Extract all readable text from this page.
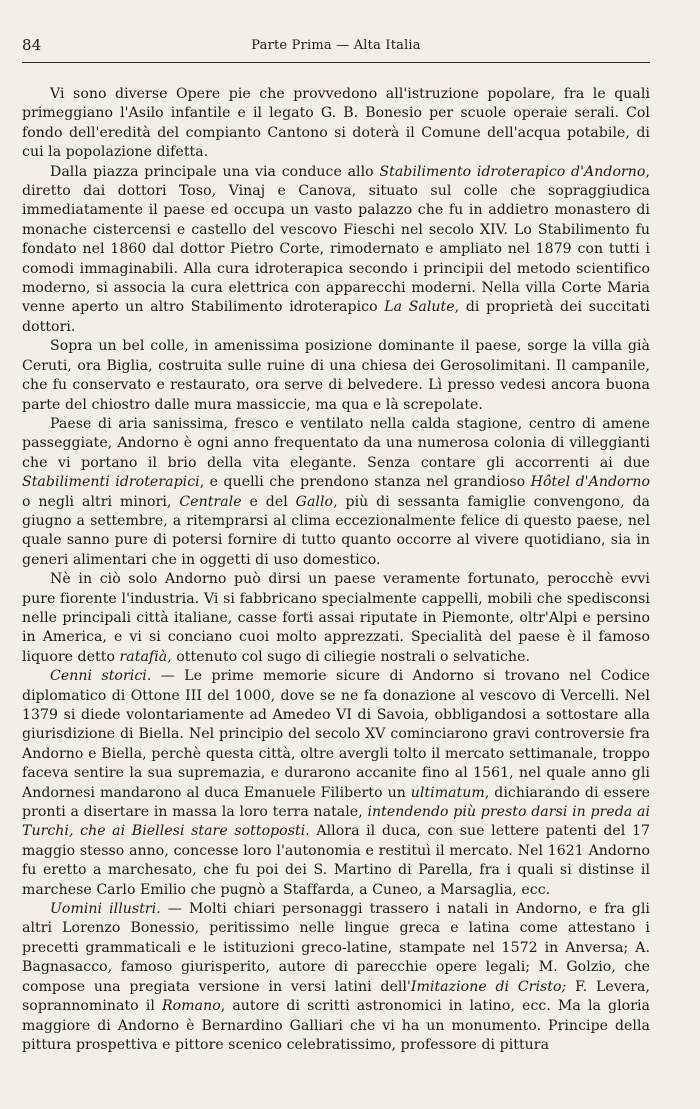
84	Parte Prima — Alta Italia

Vi sono diverse Opere pie che provvedono all'istruzione popolare, fra le quali primeggiano l'Asilo infantile e il legato G. B. Bonesio per scuole operaie serali. Col fondo dell'eredità del compianto Cantono si doterà il Comune dell'acqua potabile, di cui la popolazione difetta.

Dalla piazza principale una via conduce allo Stabilimento idroterapico d'Andorno, diretto dai dottori Toso, Vinaj e Canova, situato sul colle che sopraggiudica immediatamente il paese ed occupa un vasto palazzo che fu in addietro monastero di monache cistercensi e castello del vescovo Fieschi nel secolo XIV. Lo Stabilimento fu fondato nel 1860 dal dottor Pietro Corte, rimodernato e ampliato nel 1879 con tutti i comodi immaginabili. Alla cura idroterapica secondo i principii del metodo scientifico moderno, si associa la cura elettrica con apparecchi moderni. Nella villa Corte Maria venne aperto un altro Stabilimento idroterapico La Salute, di proprietà dei succitati dottori.

Sopra un bel colle, in amenissima posizione dominante il paese, sorge la villa già Ceruti, ora Biglia, costruita sulle ruine di una chiesa dei Gerosolimitani. Il campanile, che fu conservato e restaurato, ora serve di belvedere. Lì presso vedesi ancora buona parte del chiostro dalle mura massiccie, ma qua e là screpolate.

Paese di aria sanissima, fresco e ventilato nella calda stagione, centro di amene passeggiate, Andorno è ogni anno frequentato da una numerosa colonia di villeggianti che vi portano il brio della vita elegante. Senza contare gli accorrenti ai due Stabilimenti idroterapici, e quelli che prendono stanza nel grandioso Hôtel d'Andorno o negli altri minori, Centrale e del Gallo, più di sessanta famiglie convengono, da giugno a settembre, a ritemprarsi al clima eccezionalmente felice di questo paese, nel quale sanno pure di potersi fornire di tutto quanto occorre al vivere quotidiano, sia in generi alimentari che in oggetti di uso domestico.

Nè in ciò solo Andorno può dirsi un paese veramente fortunato, perocchè evvi pure fiorente l'industria. Vi si fabbricano specialmente cappelli, mobili che spedisconsi nelle principali città italiane, casse forti assai riputate in Piemonte, oltr'Alpi e persino in America, e vi si conciano cuoi molto apprezzati. Specialità del paese è il famoso liquore detto ratafià, ottenuto col sugo di ciliegie nostrali o selvatiche.

Cenni storici. — Le prime memorie sicure di Andorno si trovano nel Codice diplomatico di Ottone III del 1000, dove se ne fa donazione al vescovo di Vercelli. Nel 1379 si diede volontariamente ad Amedeo VI di Savoia, obbligandosi a sottostare alla giurisdizione di Biella. Nel principio del secolo XV cominciarono gravi controversie fra Andorno e Biella, perchè questa città, oltre avergli tolto il mercato settimanale, troppo faceva sentire la sua supremazia, e durarono accanite fino al 1561, nel quale anno gli Andornesi mandarono al duca Emanuele Filiberto un ultimatum, dichiarando di essere pronti a disertare in massa la loro terra natale, intendendo più presto darsi in preda ai Turchi, che ai Biellesi stare sottoposti. Allora il duca, con sue lettere patenti del 17 maggio stesso anno, concesse loro l'autonomia e restituì il mercato. Nel 1621 Andorno fu eretto a marchesato, che fu poi dei S. Martino di Parella, fra i quali si distinse il marchese Carlo Emilio che pugnò a Staffarda, a Cuneo, a Marsaglia, ecc.

Uomini illustri. — Molti chiari personaggi trassero i natali in Andorno, e fra gli altri Lorenzo Bonessio, peritissimo nelle lingue greca e latina come attestano i precetti grammaticali e le istituzioni greco-latine, stampate nel 1572 in Anversa; A. Bagnasacco, famoso giurisperito, autore di parecchie opere legali; M. Golzio, che compose una pregiata versione in versi latini dell'Imitazione di Cristo; F. Levera, soprannominato il Romano, autore di scritti astronomici in latino, ecc. Ma la gloria maggiore di Andorno è Bernardino Galliari che vi ha un monumento. Principe della pittura prospettiva e pittore scenico celebratissimo, professore di pittura
